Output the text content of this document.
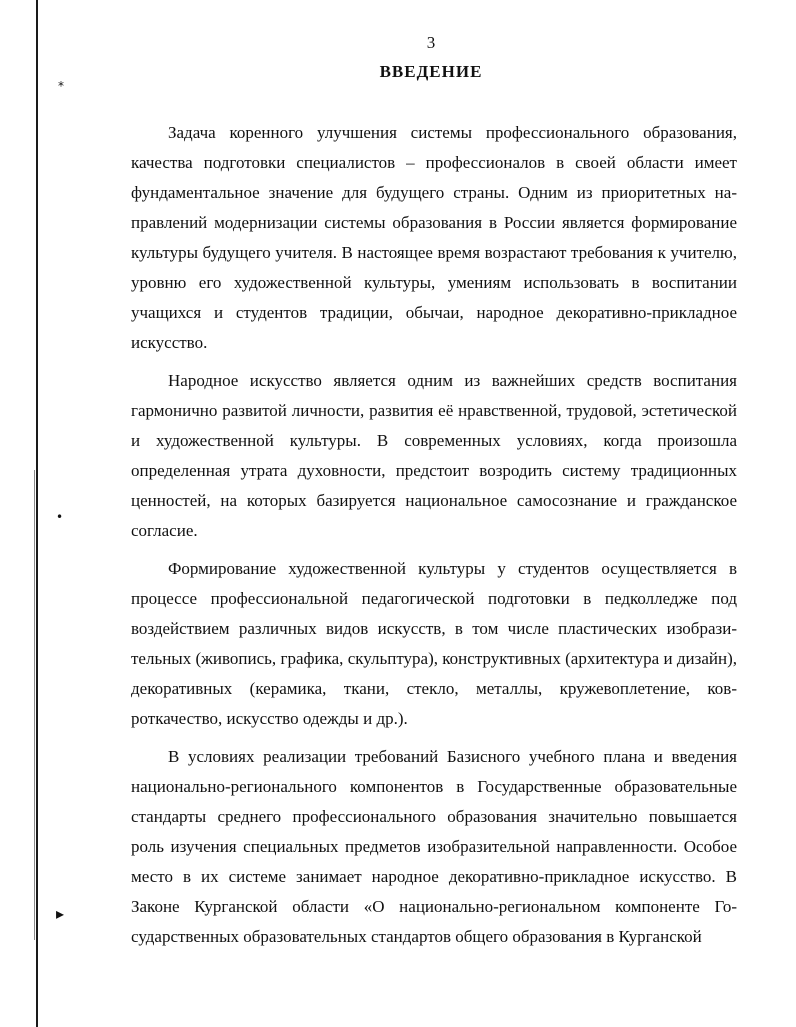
*
•
▸
3
ВВЕДЕНИЕ

Задача коренного улучшения системы профессионального образования, качества подготовки специалистов – профессионалов в своей области имеет фундаментальное значение для будущего страны. Одним из приоритетных направлений модернизации системы образования в России является формирование культуры будущего учителя. В настоящее время возрастают требования к учителю, уровню его художественной культуры, умениям использовать в воспитании учащихся и студентов традиции, обычаи, народное декоративно-прикладное искусство.

Народное искусство является одним из важнейших средств воспитания гармонично развитой личности, развития её нравственной, трудовой, эстетической и художественной культуры. В современных условиях, когда произошла определенная утрата духовности, предстоит возродить систему традиционных ценностей, на которых базируется национальное самосознание и гражданское согласие.

Формирование художественной культуры у студентов осуществляется в процессе профессиональной педагогической подготовки в педколледже под воздействием различных видов искусств, в том числе пластических изобразительных (живопись, графика, скульптура), конструктивных (архитектура и дизайн), декоративных (керамика, ткани, стекло, металлы, кружевоплетение, ковроткачество, искусство одежды и др.).

В условиях реализации требований Базисного учебного плана и введения национально-регионального компонентов в Государственные образовательные стандарты среднего профессионального образования значительно повышается роль изучения специальных предметов изобразительной направленности. Особое место в их системе занимает народное декоративно-прикладное искусство. В Законе Курганской области «О национально-региональном компоненте Государственных образовательных стандартов общего образования в Курганской
